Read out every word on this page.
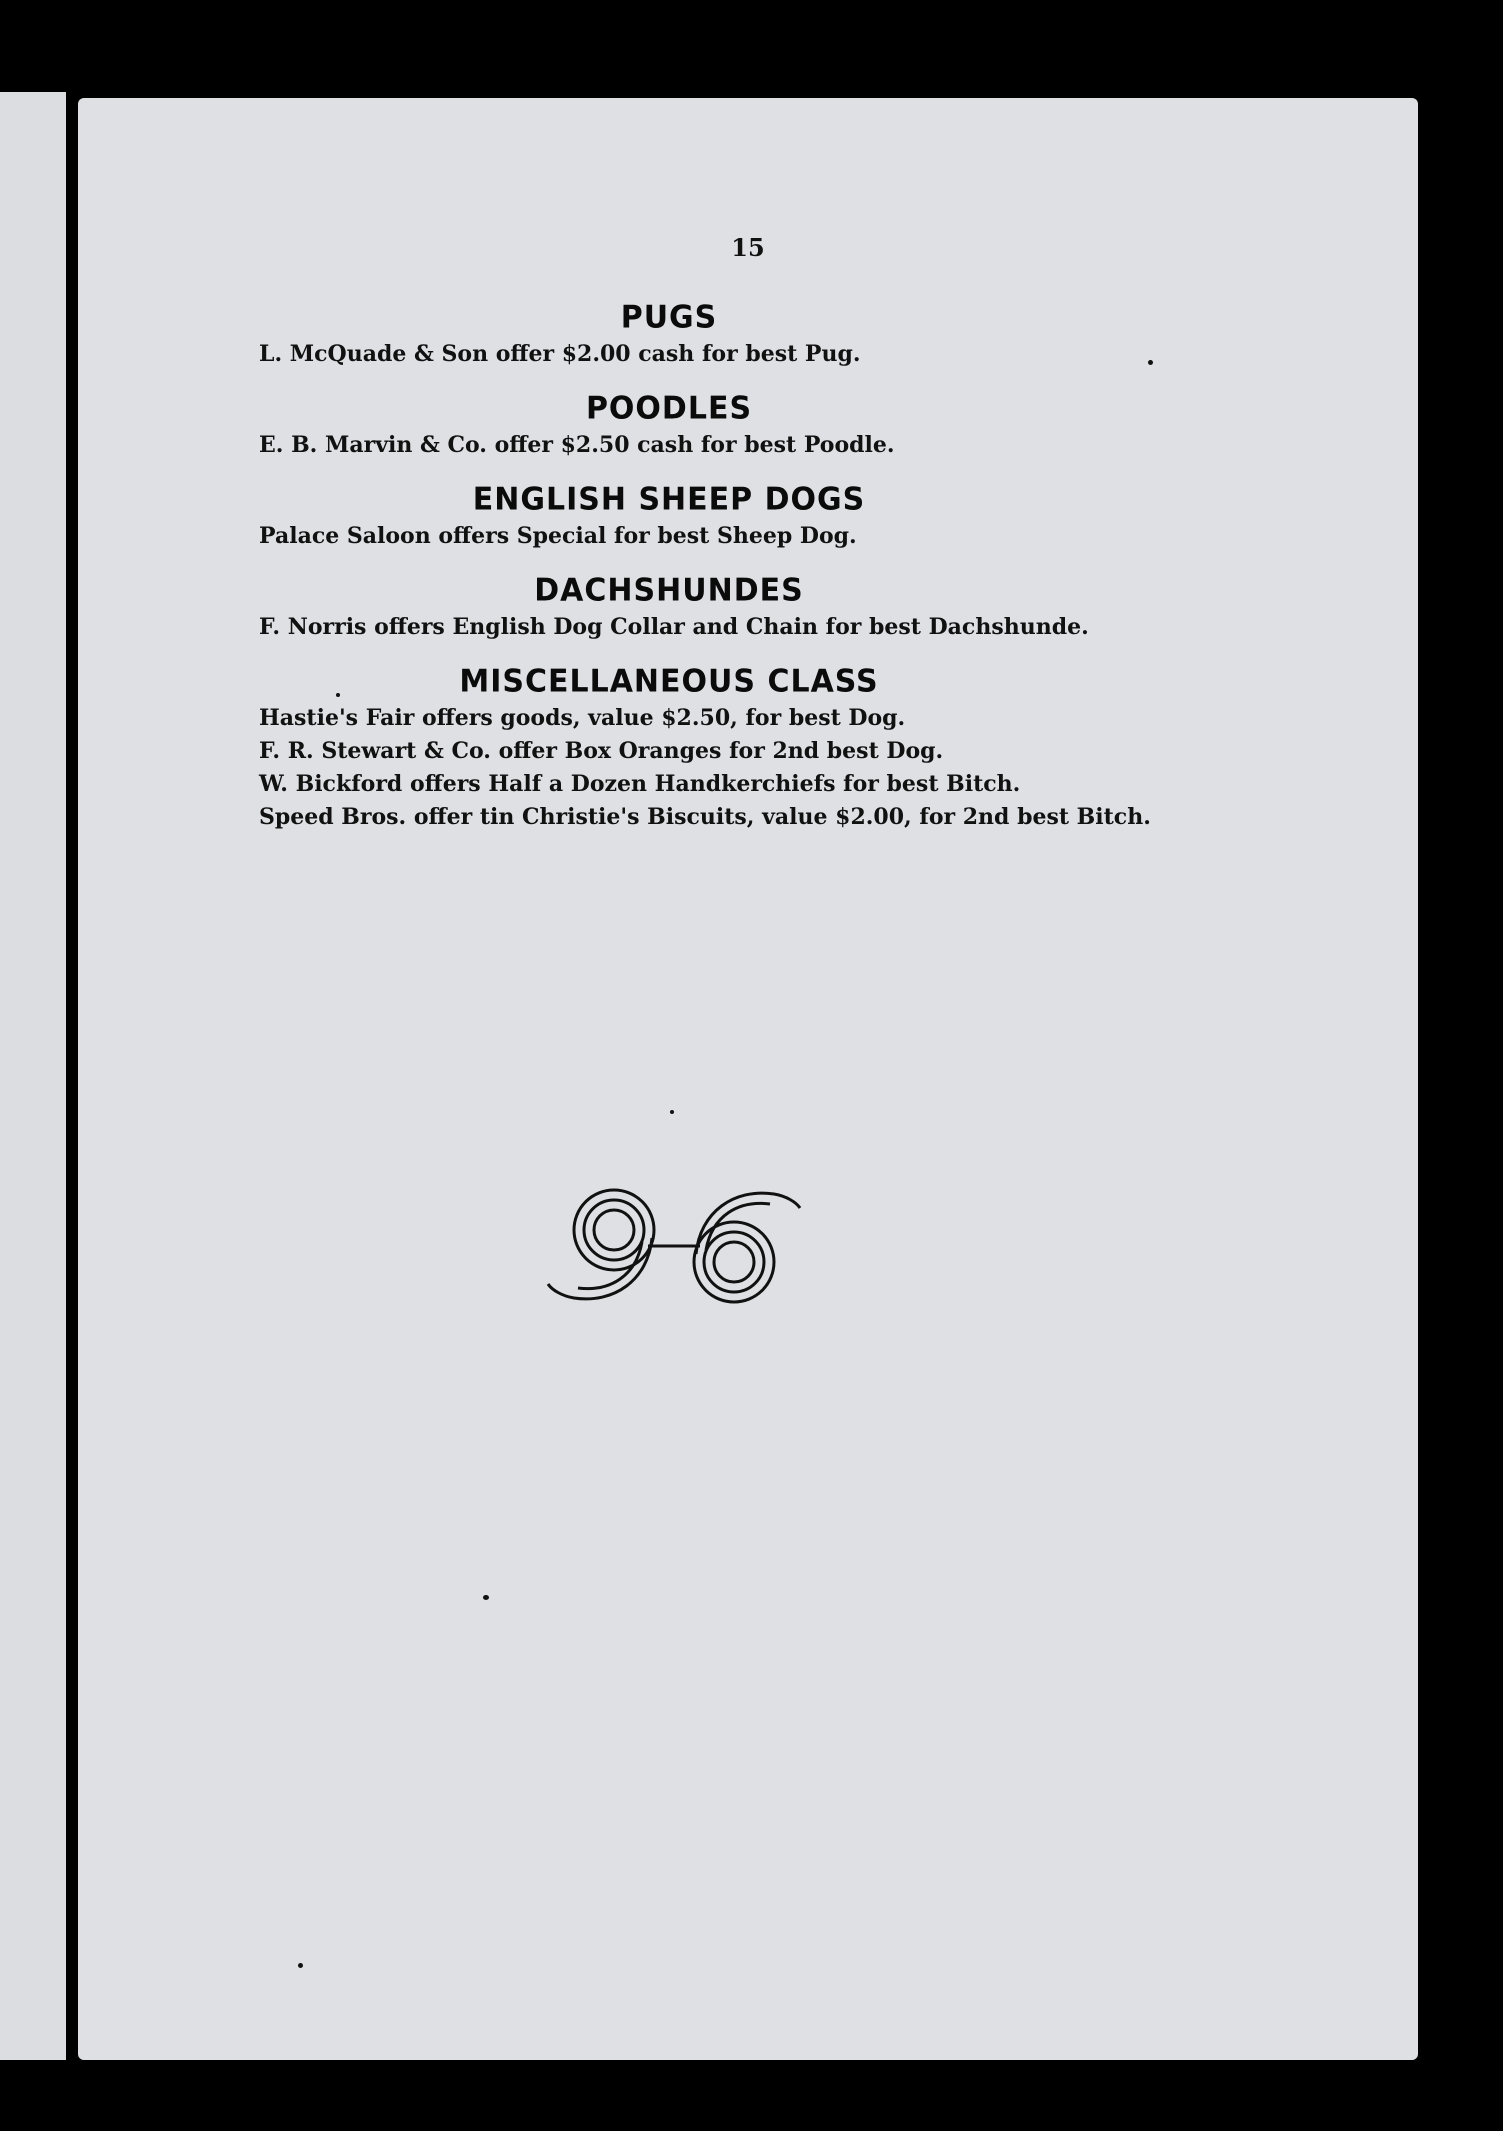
15

PUGS

L. McQuade & Son offer $2.00 cash for best Pug.

POODLES

E. B. Marvin & Co. offer $2.50 cash for best Poodle.

ENGLISH SHEEP DOGS

Palace Saloon offers Special for best Sheep Dog.

DACHSHUNDES

F. Norris offers English Dog Collar and Chain for best Dachshunde.

MISCELLANEOUS CLASS

Hastie's Fair offers goods, value $2.50, for best Dog.

F. R. Stewart & Co. offer Box Oranges for 2nd best Dog.

W. Bickford offers Half a Dozen Handkerchiefs for best Bitch.

Speed Bros. offer tin Christie's Biscuits, value $2.00, for 2nd best Bitch.
